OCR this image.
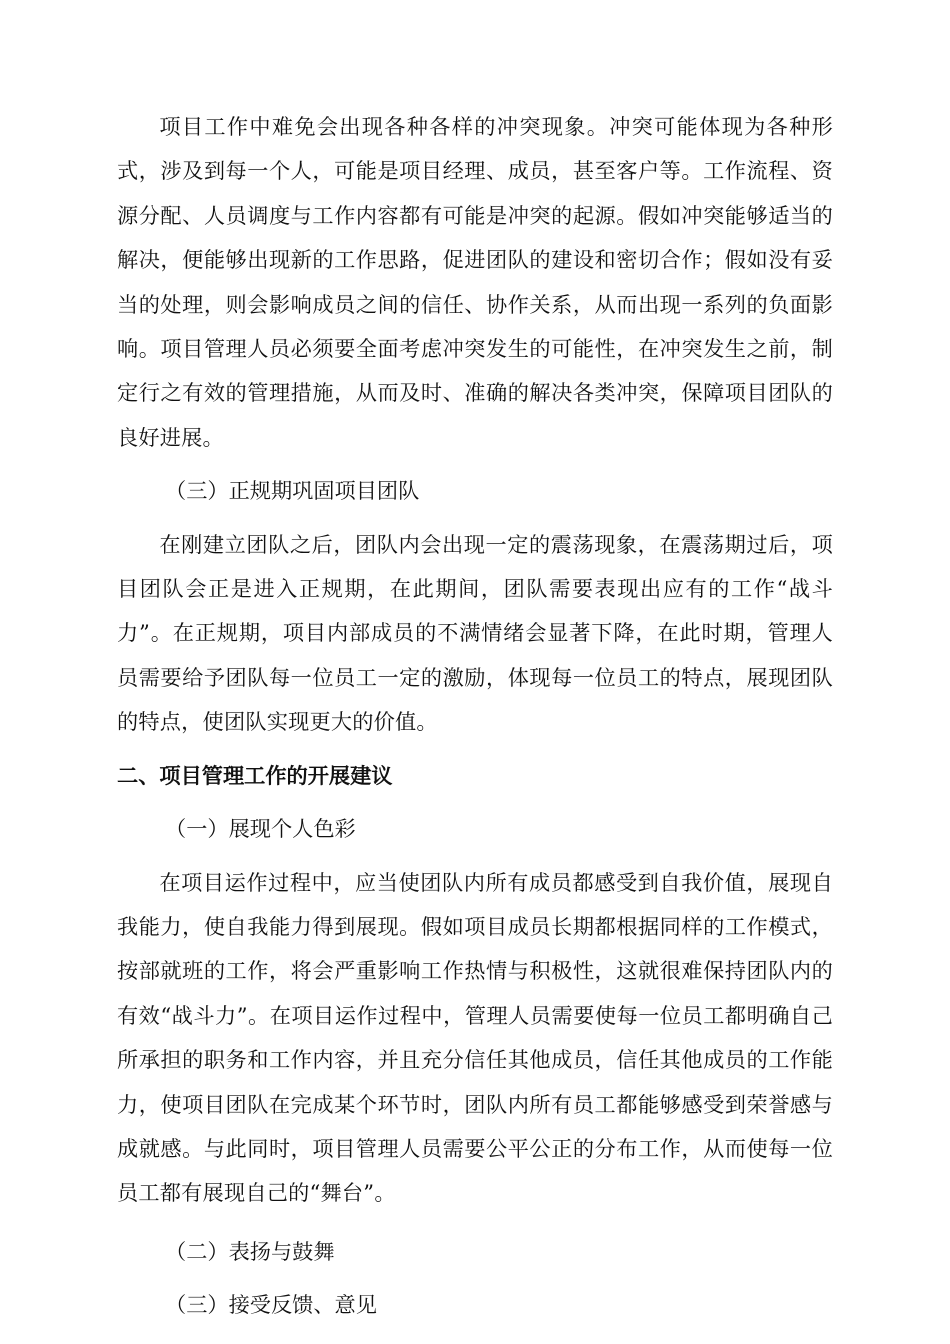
项目工作中难免会出现各种各样的冲突现象。冲突可能体现为各种形式，涉及到每一个人，可能是项目经理、成员，甚至客户等。工作流程、资源分配、人员调度与工作内容都有可能是冲突的起源。假如冲突能够适当的解决，便能够出现新的工作思路，促进团队的建设和密切合作；假如没有妥当的处理，则会影响成员之间的信任、协作关系，从而出现一系列的负面影响。项目管理人员必须要全面考虑冲突发生的可能性，在冲突发生之前，制定行之有效的管理措施，从而及时、准确的解决各类冲突，保障项目团队的良好进展。

（三）正规期巩固项目团队

在刚建立团队之后，团队内会出现一定的震荡现象，在震荡期过后，项目团队会正是进入正规期，在此期间，团队需要表现出应有的工作“战斗力”。在正规期，项目内部成员的不满情绪会显著下降，在此时期，管理人员需要给予团队每一位员工一定的激励，体现每一位员工的特点，展现团队的特点，使团队实现更大的价值。

二、项目管理工作的开展建议

（一）展现个人色彩

在项目运作过程中，应当使团队内所有成员都感受到自我价值，展现自我能力，使自我能力得到展现。假如项目成员长期都根据同样的工作模式，按部就班的工作，将会严重影响工作热情与积极性，这就很难保持团队内的有效“战斗力”。在项目运作过程中，管理人员需要使每一位员工都明确自己所承担的职务和工作内容，并且充分信任其他成员，信任其他成员的工作能力，使项目团队在完成某个环节时，团队内所有员工都能够感受到荣誉感与成就感。与此同时，项目管理人员需要公平公正的分布工作，从而使每一位员工都有展现自己的“舞台”。

（二）表扬与鼓舞

（三）接受反馈、意见
